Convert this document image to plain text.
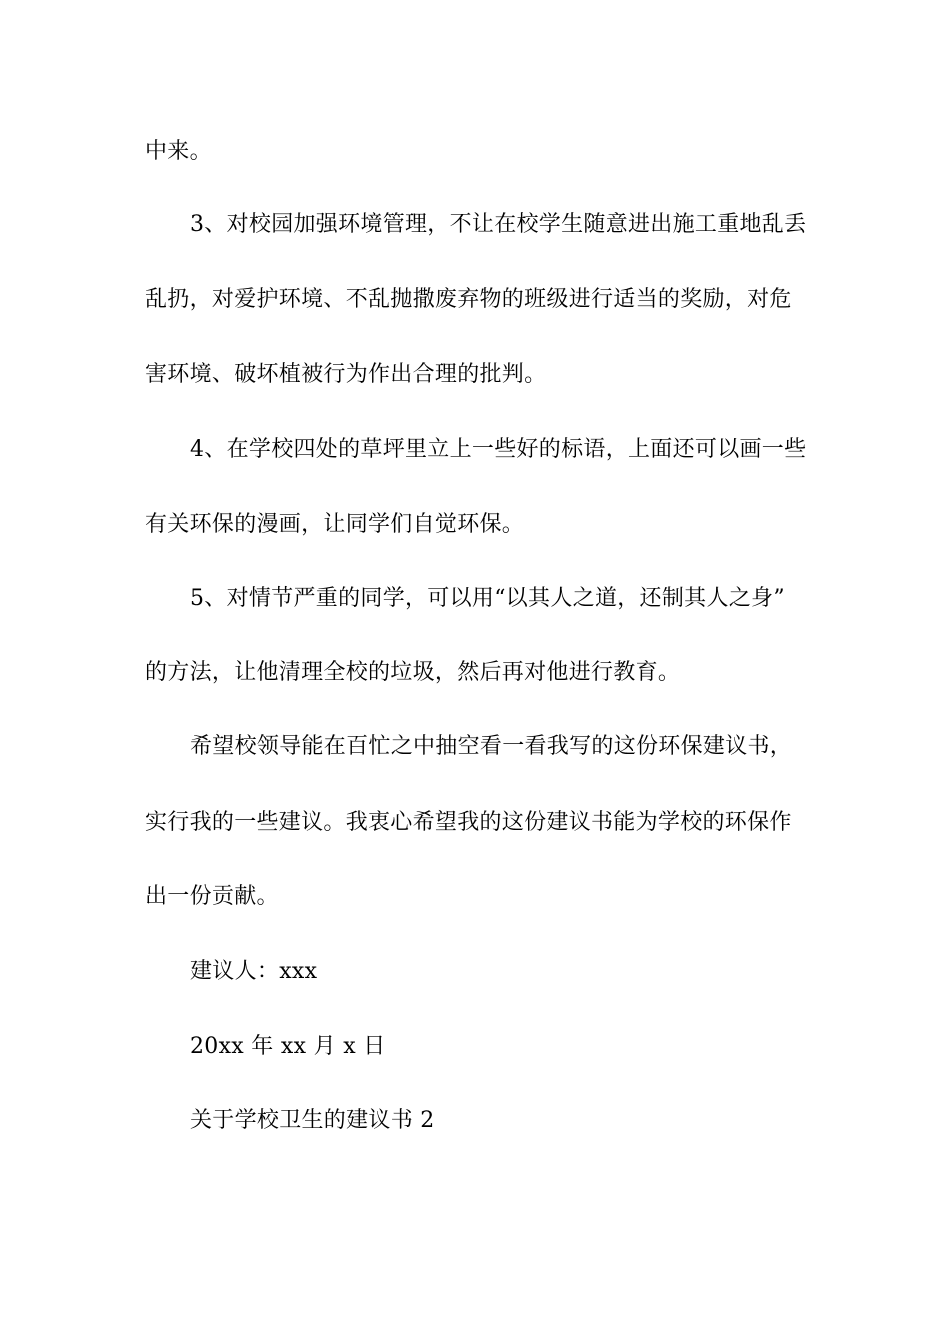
中来。
3、对校园加强环境管理，不让在校学生随意进出施工重地乱丢
乱扔，对爱护环境、不乱抛撒废弃物的班级进行适当的奖励，对危
害环境、破坏植被行为作出合理的批判。
4、在学校四处的草坪里立上一些好的标语，上面还可以画一些
有关环保的漫画，让同学们自觉环保。
5、对情节严重的同学，可以用“以其人之道，还制其人之身”
的方法，让他清理全校的垃圾，然后再对他进行教育。
希望校领导能在百忙之中抽空看一看我写的这份环保建议书，
实行我的一些建议。我衷心希望我的这份建议书能为学校的环保作
出一份贡献。
建议人：xxx
20xx 年 xx 月 x 日
关于学校卫生的建议书 2
